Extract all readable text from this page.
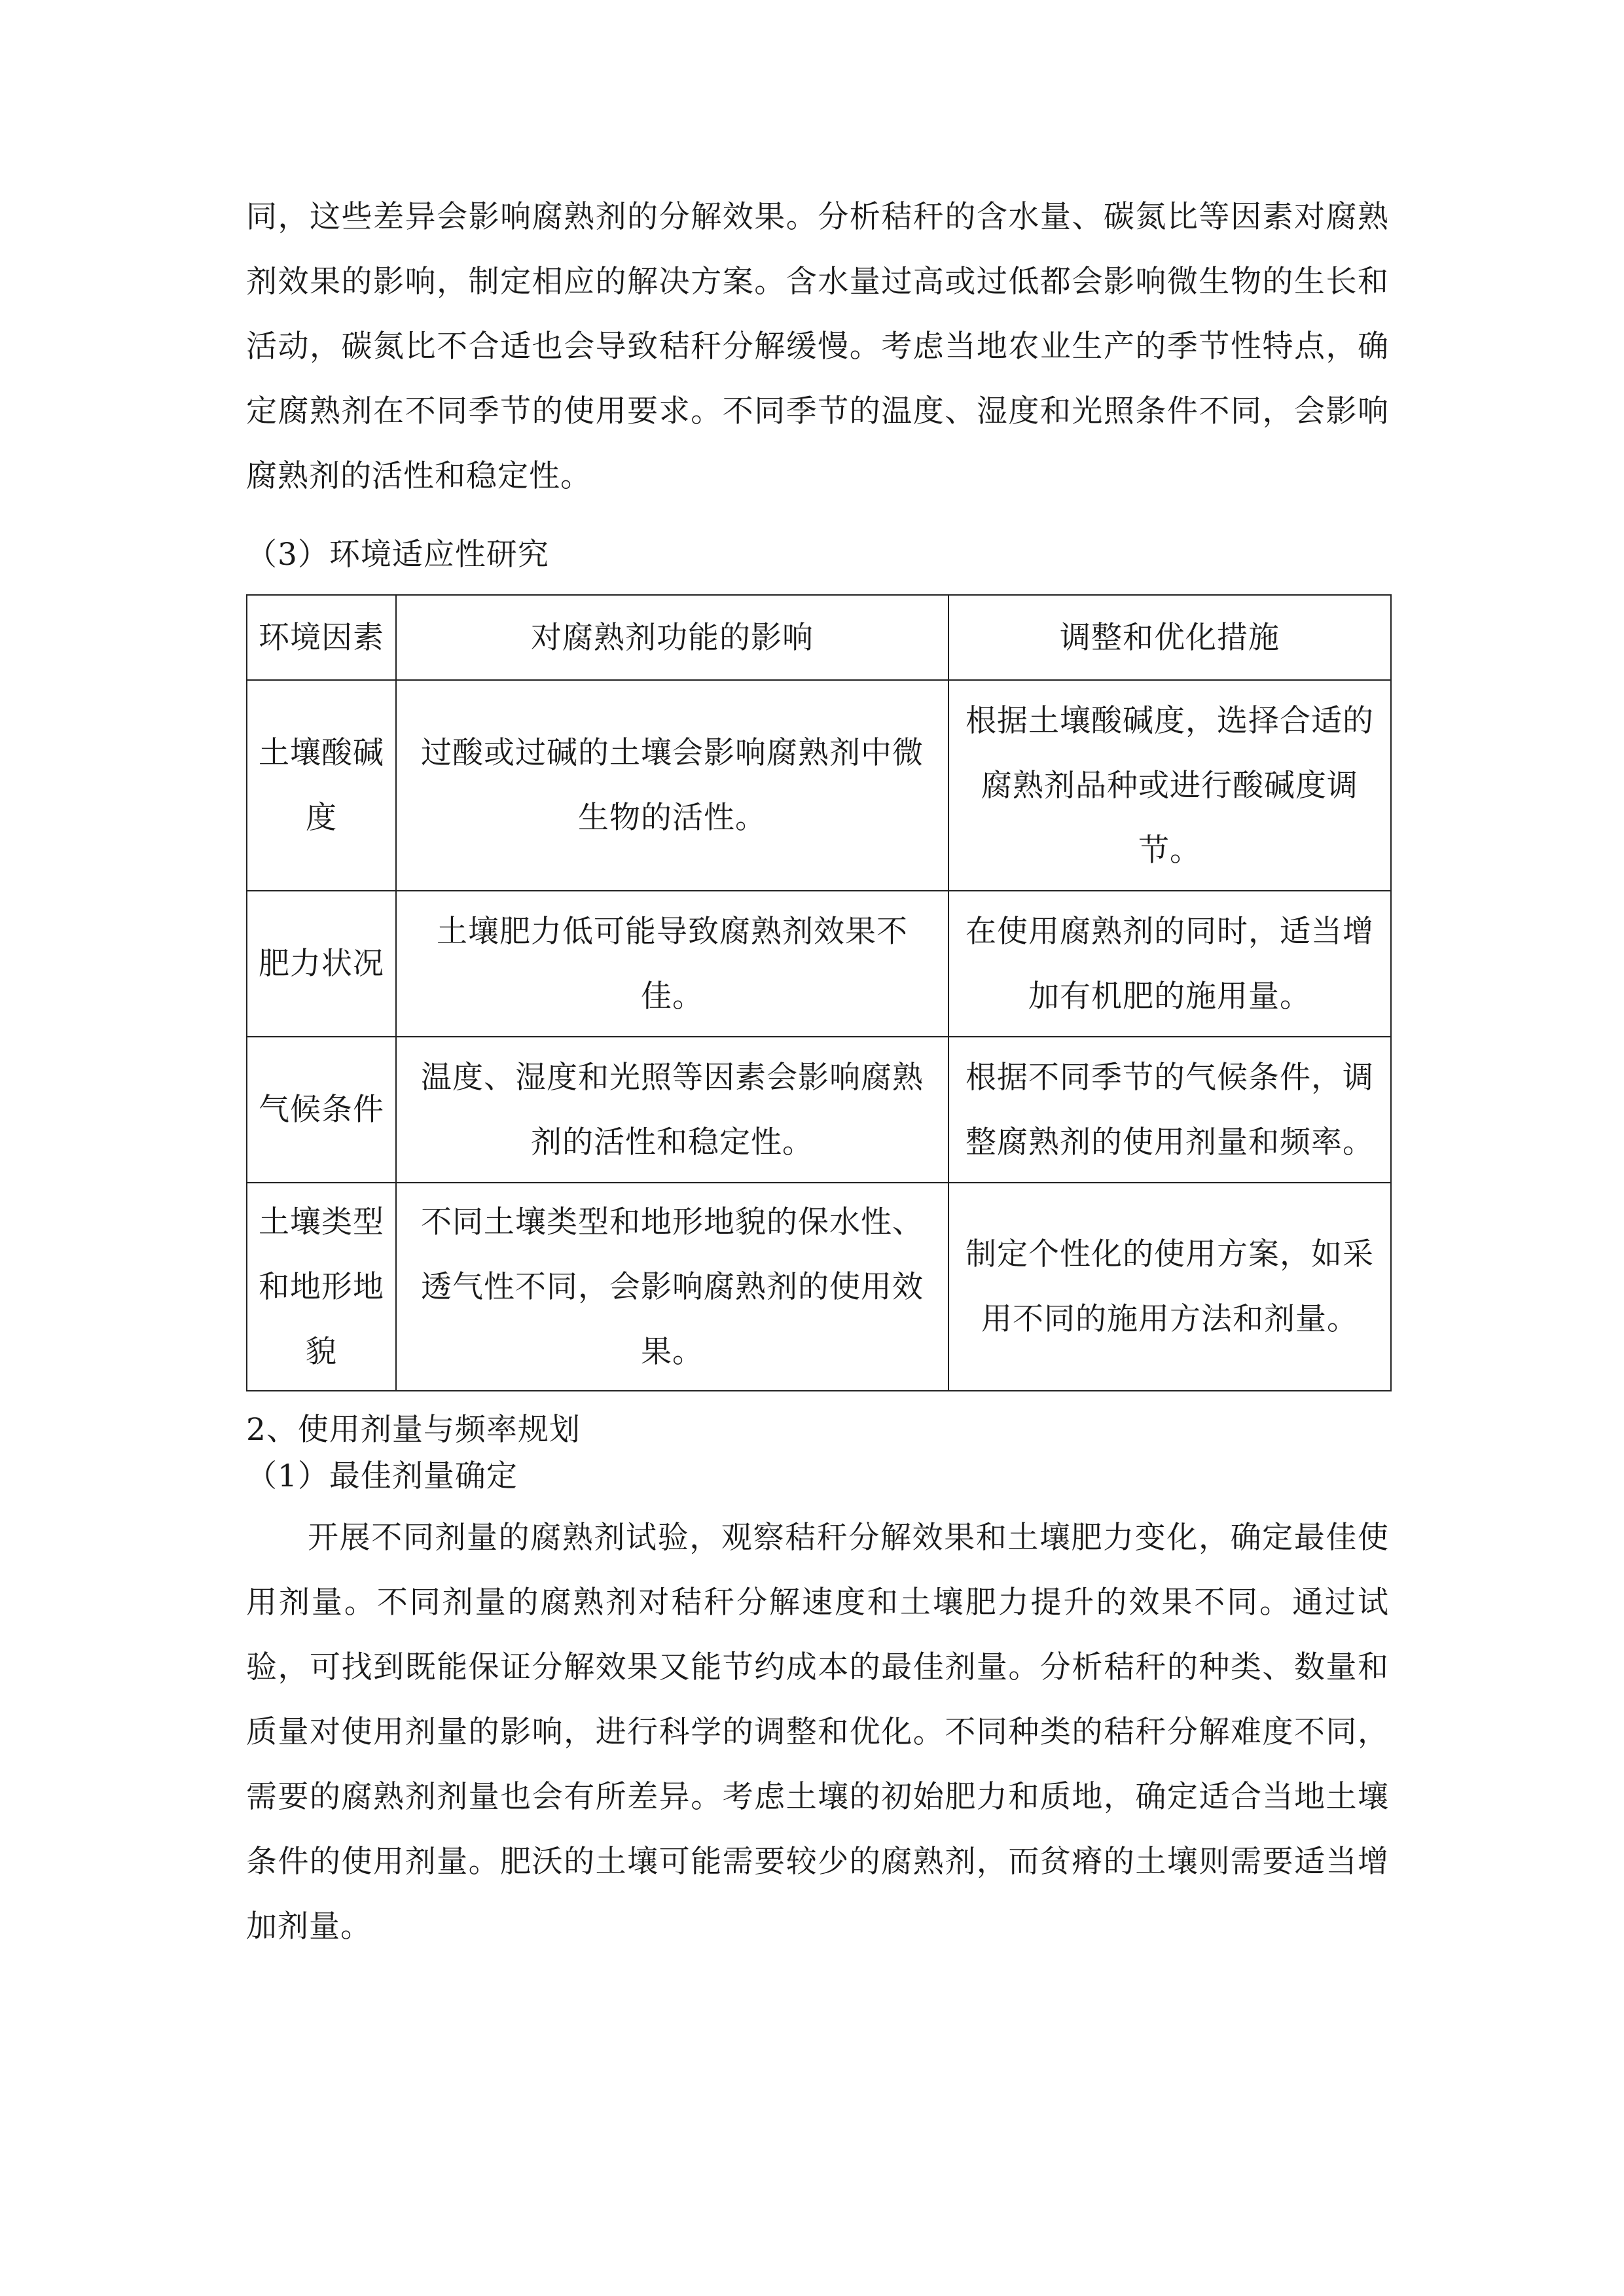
同，这些差异会影响腐熟剂的分解效果。分析秸秆的含水量、碳氮比等因素对腐熟剂效果的影响，制定相应的解决方案。含水量过高或过低都会影响微生物的生长和活动，碳氮比不合适也会导致秸秆分解缓慢。考虑当地农业生产的季节性特点，确定腐熟剂在不同季节的使用要求。不同季节的温度、湿度和光照条件不同，会影响腐熟剂的活性和稳定性。

（3）环境适应性研究

环境因素	对腐熟剂功能的影响	调整和优化措施
土壤酸碱度	过酸或过碱的土壤会影响腐熟剂中微生物的活性。	根据土壤酸碱度，选择合适的腐熟剂品种或进行酸碱度调节。
肥力状况	土壤肥力低可能导致腐熟剂效果不佳。	在使用腐熟剂的同时，适当增加有机肥的施用量。
气候条件	温度、湿度和光照等因素会影响腐熟剂的活性和稳定性。	根据不同季节的气候条件，调整腐熟剂的使用剂量和频率。
土壤类型和地形地貌	不同土壤类型和地形地貌的保水性、透气性不同，会影响腐熟剂的使用效果。	制定个性化的使用方案，如采用不同的施用方法和剂量。

2、使用剂量与频率规划

（1）最佳剂量确定

开展不同剂量的腐熟剂试验，观察秸秆分解效果和土壤肥力变化，确定最佳使用剂量。不同剂量的腐熟剂对秸秆分解速度和土壤肥力提升的效果不同。通过试验，可找到既能保证分解效果又能节约成本的最佳剂量。分析秸秆的种类、数量和质量对使用剂量的影响，进行科学的调整和优化。不同种类的秸秆分解难度不同，需要的腐熟剂剂量也会有所差异。考虑土壤的初始肥力和质地，确定适合当地土壤条件的使用剂量。肥沃的土壤可能需要较少的腐熟剂，而贫瘠的土壤则需要适当增加剂量。
